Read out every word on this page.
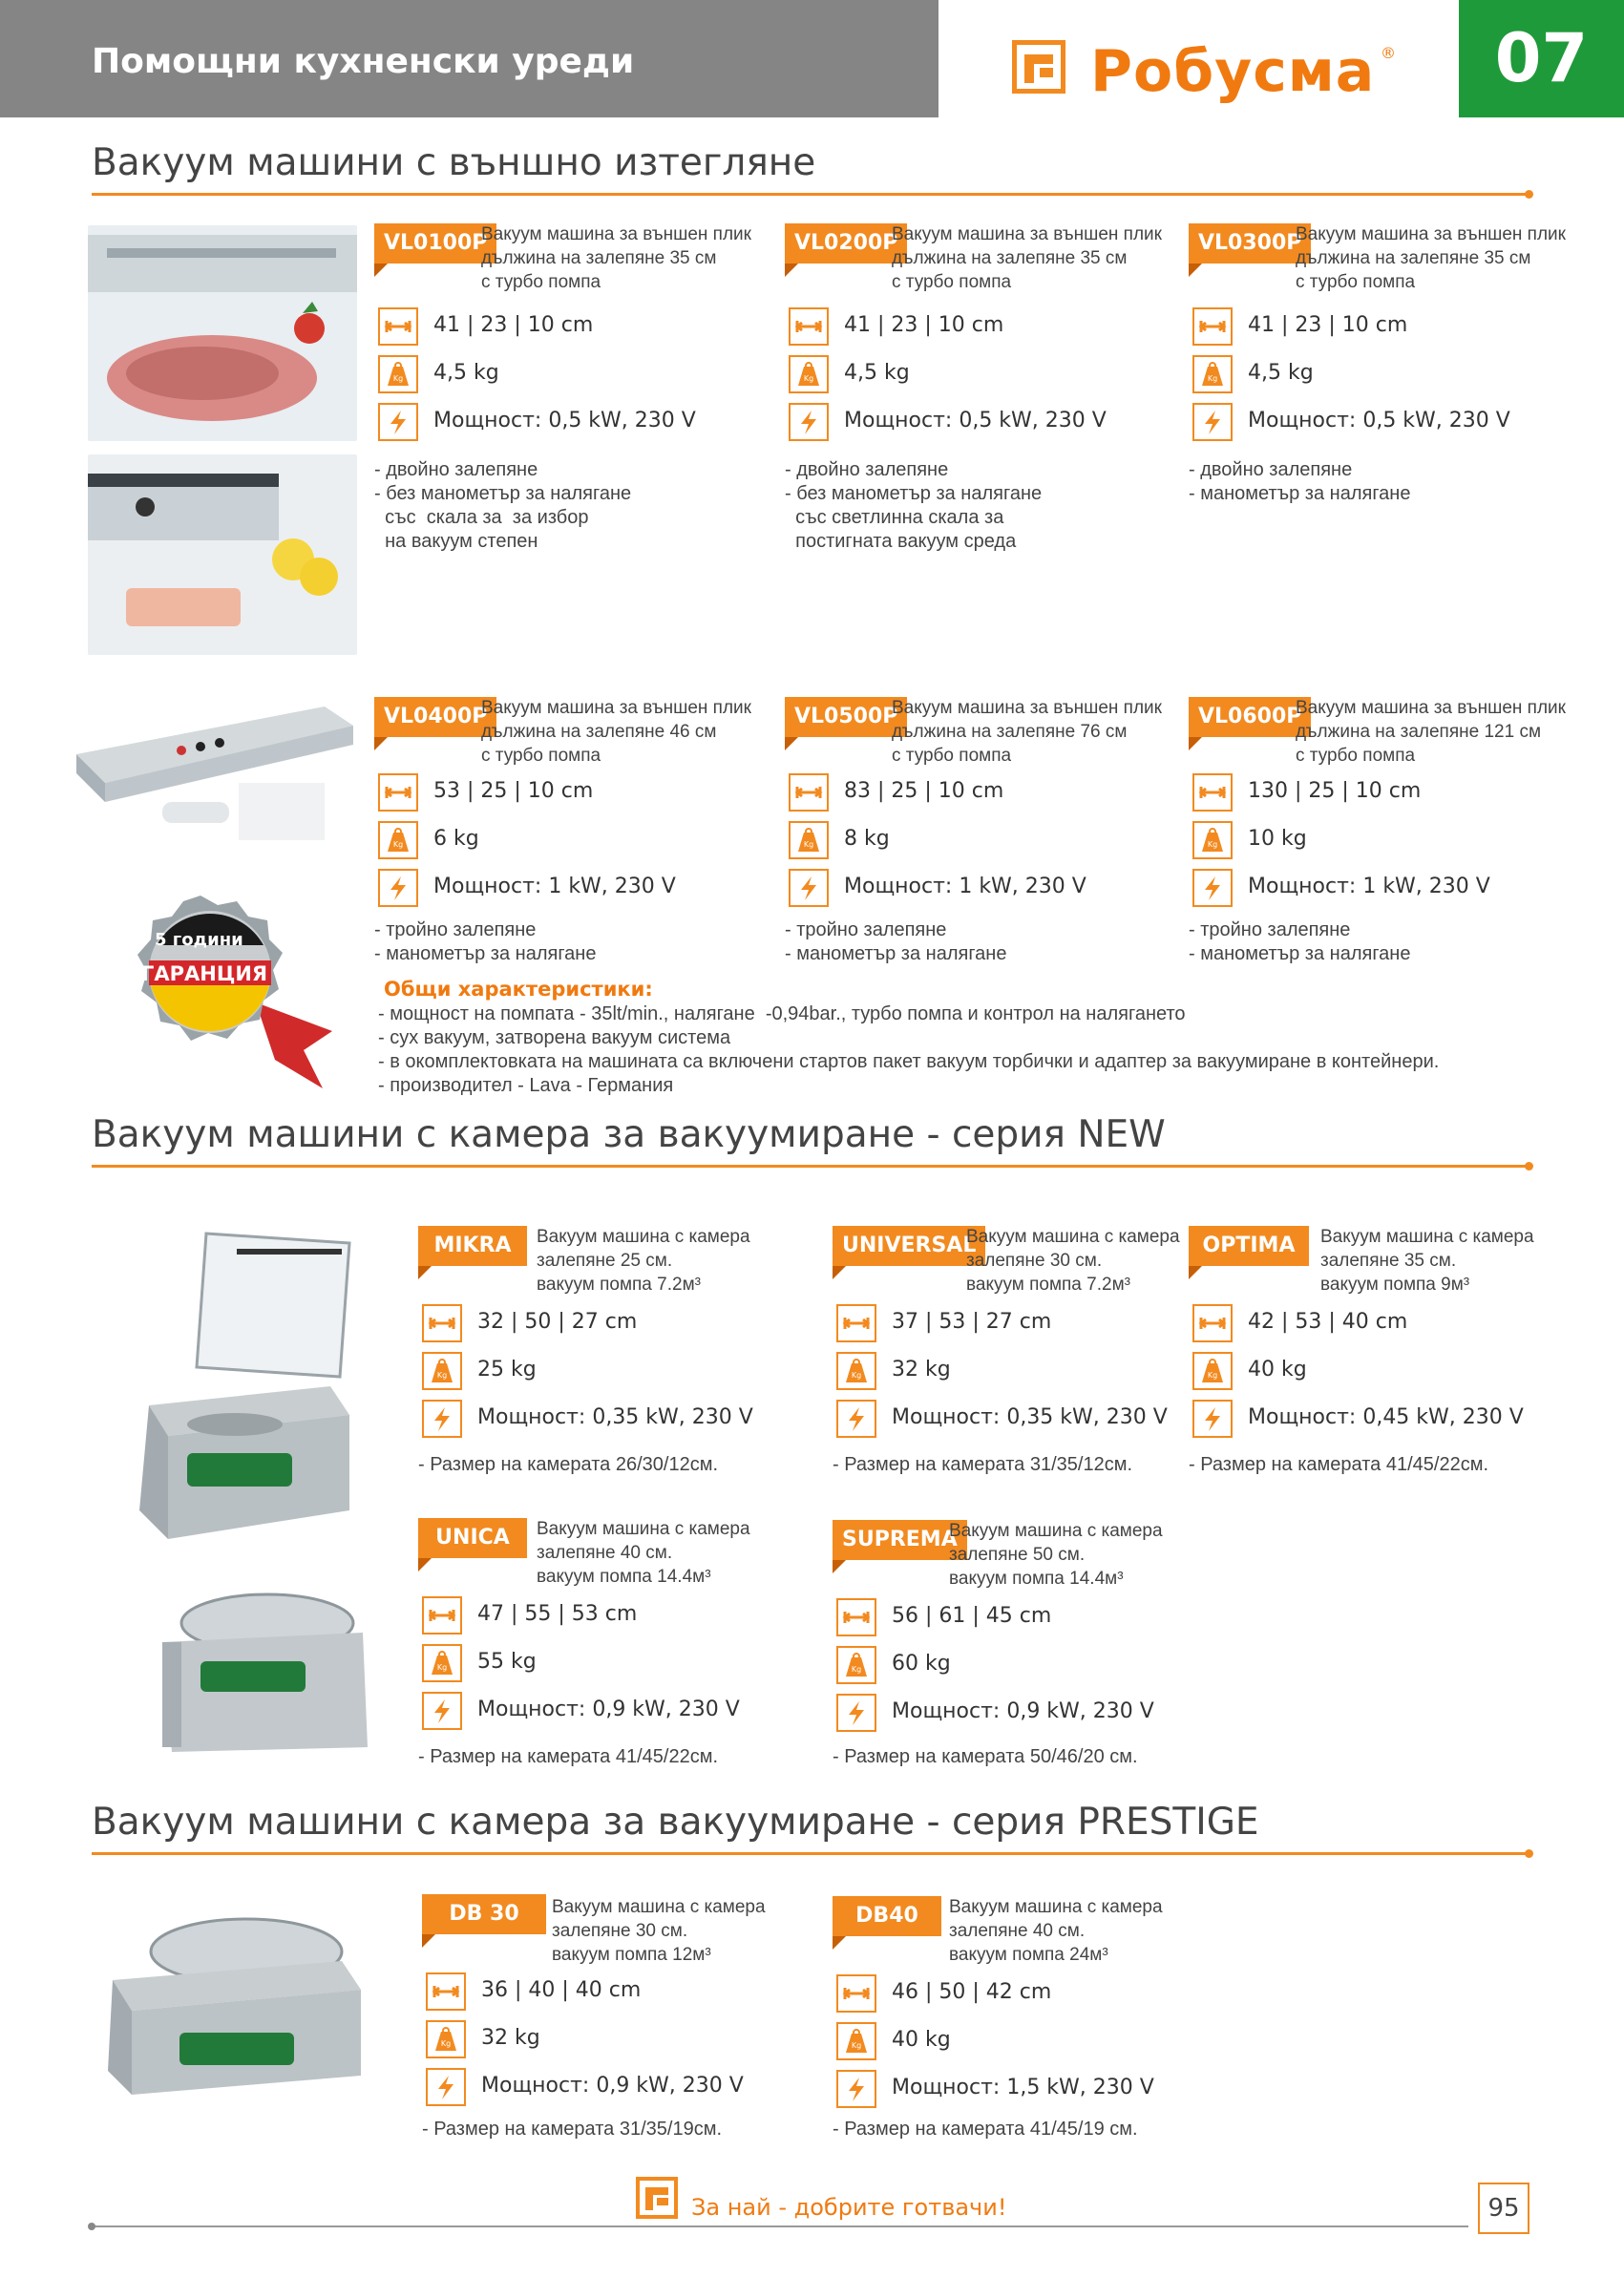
Помощни кухненски уреди	Робусма ®	07
Вакуум машини с външно изтегляне
VL0100P
Вакуум машина за външен плик
дължина на залепяне 35 см
с турбо помпа
41 | 23 | 10 cm
Kg 4,5 kg
Мощност: 0,5 kW, 230 V
- двойно залепяне
- без манометър за налягане
със  скала за  за избор
на вакуум степен
VL0200P
Вакуум машина за външен плик
дължина на залепяне 35 см
с турбо помпа
41 | 23 | 10 cm
Kg 4,5 kg
Мощност: 0,5 kW, 230 V
- двойно залепяне
- без манометър за налягане
със светлинна скала за
постигната вакуум среда
VL0300P
Вакуум машина за външен плик
дължина на залепяне 35 см
с турбо помпа
41 | 23 | 10 cm
Kg 4,5 kg
Мощност: 0,5 kW, 230 V
- двойно залепяне
- манометър за налягане
5 години
ГАРАНЦИЯ
VL0400P
Вакуум машина за външен плик
дължина на залепяне 46 см
с турбо помпа
53 | 25 | 10 cm
Kg 6 kg
Мощност: 1 kW, 230 V
- тройно залепяне
- манометър за налягане
VL0500P
Вакуум машина за външен плик
дължина на залепяне 76 см
с турбо помпа
83 | 25 | 10 cm
Kg 8 kg
Мощност: 1 kW, 230 V
- тройно залепяне
- манометър за налягане
VL0600P
Вакуум машина за външен плик
дължина на залепяне 121 см
с турбо помпа
130 | 25 | 10 cm
Kg 10 kg
Мощност: 1 kW, 230 V
- тройно залепяне
- манометър за налягане
Общи характеристики:
- мощност на помпата - 35lt/min., налягане  -0,94bar., турбо помпа и контрол на налягането
- сух вакуум, затворена вакуум система
- в окомплектовката на машината са включени стартов пакет вакуум торбички и адаптер за вакуумиране в контейнери.
- производител - Lava - Германия
Вакуум машини с камера за вакуумиране - серия NEW
MIKRA	Вакуум машина с камера
залепяне 25 см.
вакуум помпа 7.2м³
32 | 50 | 27 cm
Kg 25 kg
Мощност: 0,35 kW, 230 V
- Размер на камерата 26/30/12см.
UNIVERSAL
Вакуум машина с камера
залепяне 30 см.
вакуум помпа 7.2м³
37 | 53 | 27 cm
Kg 32 kg
Мощност: 0,35 kW, 230 V
- Размер на камерата 31/35/12см.
OPTIMA	Вакуум машина с камера
залепяне 35 см.
вакуум помпа 9м³
42 | 53 | 40 cm
Kg 40 kg
Мощност: 0,45 kW, 230 V
- Размер на камерата 41/45/22см.
UNICA	Вакуум машина с камера
залепяне 40 см.
вакуум помпа 14.4м³
47 | 55 | 53 cm
Kg 55 kg
Мощност: 0,9 kW, 230 V
- Размер на камерата 41/45/22см.
SUPREMA
Вакуум машина с камера
залепяне 50 см.
вакуум помпа 14.4м³
56 | 61 | 45 cm
Kg 60 kg
Мощност: 0,9 kW, 230 V
- Размер на камерата 50/46/20 см.
Вакуум машини с камера за вакуумиране - серия PRESTIGE
DB 30	Вакуум машина с камера
залепяне 30 см.
вакуум помпа 12м³
36 | 40 | 40 cm
Kg 32 kg
Мощност: 0,9 kW, 230 V
- Размер на камерата 31/35/19см.
DB40	Вакуум машина с камера
залепяне 40 см.
вакуум помпа 24м³
46 | 50 | 42 cm
Kg 40 kg
Мощност: 1,5 kW, 230 V
- Размер на камерата 41/45/19 см.
За най - добрите готвачи!	95
